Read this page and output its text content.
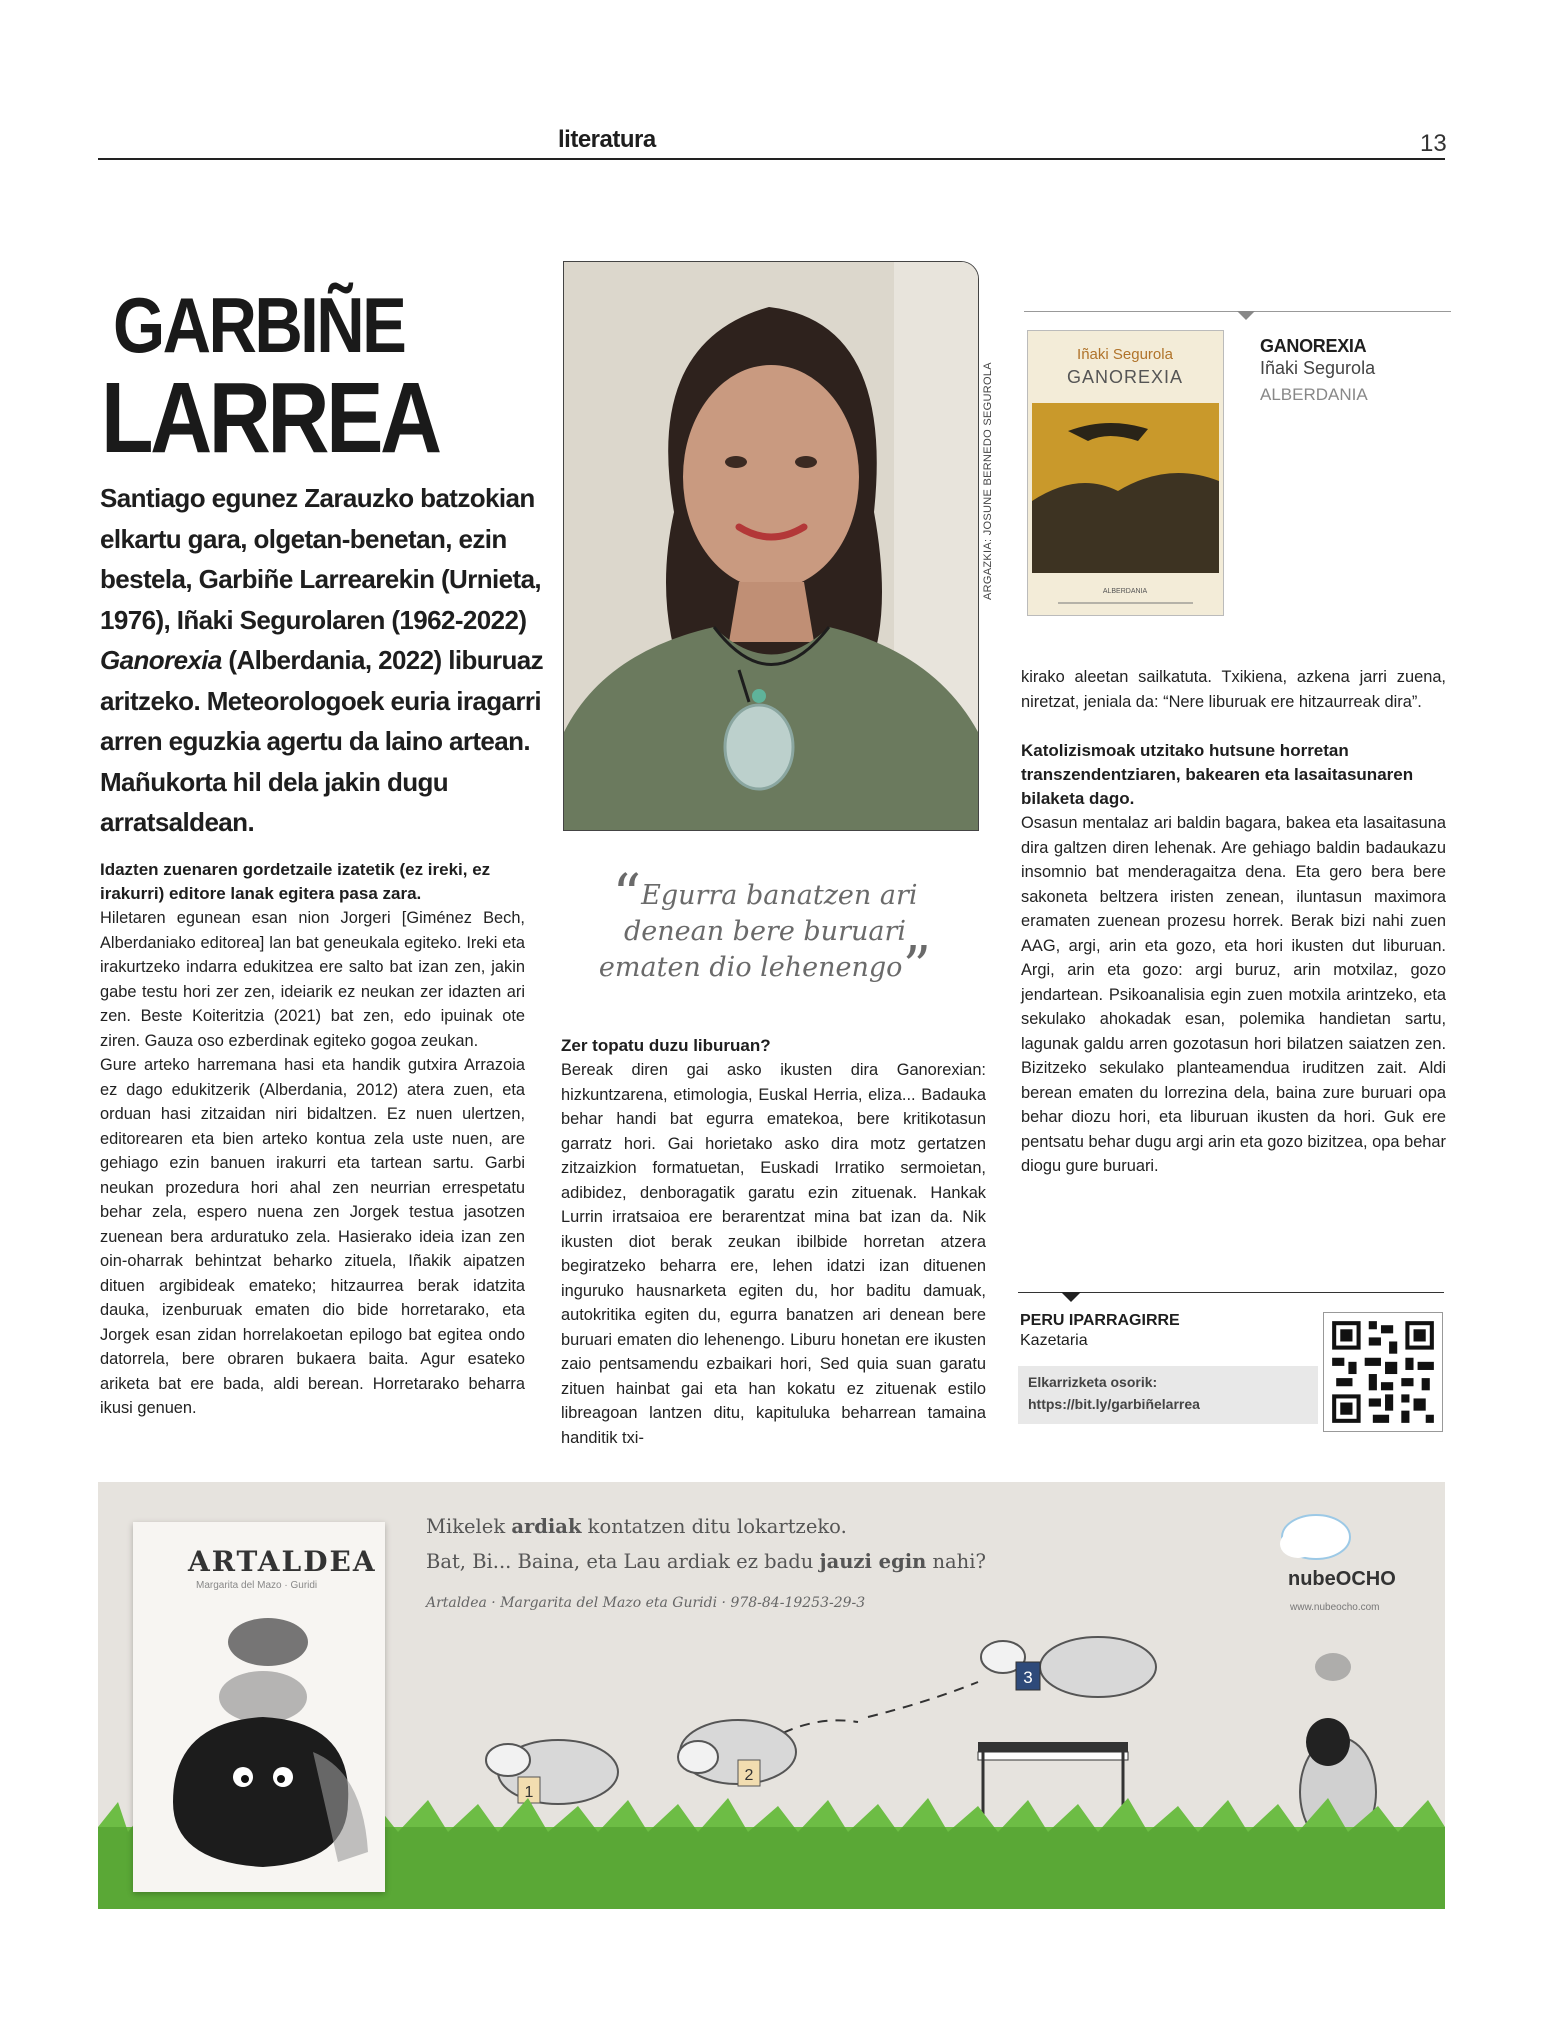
literatura	13
GARBIÑE
LARREA
Santiago egunez Zarauzko batzokian elkartu gara, olgetan-benetan, ezin bestela, Garbiñe Larrearekin (Urnieta, 1976), Iñaki Segurolaren (1962-2022) Ganorexia (Alberdania, 2022) liburuaz aritzeko. Meteorologoek euria iragarri arren eguzkia agertu da laino artean. Mañukorta hil dela jakin dugu arratsaldean.

Idazten zuenaren gordetzaile izatetik (ez ireki, ez irakurri) editore lanak egitera pasa zara.

Hiletaren egunean esan nion Jorgeri [Giménez Bech, Alberdaniako editorea] lan bat geneukala egiteko. Ireki eta irakurtzeko indarra edukitzea ere salto bat izan zen, jakin gabe testu hori zer zen, ideiarik ez neukan zer idazten ari zen. Beste Koiteritzia (2021) bat zen, edo ipuinak ote ziren. Gauza oso ezberdinak egiteko gogoa zeukan.

Gure arteko harremana hasi eta handik gutxira Arrazoia ez dago edukitzerik (Alberdania, 2012) atera zuen, eta orduan hasi zitzaidan niri bidaltzen. Ez nuen ulertzen, editorearen eta bien arteko kontua zela uste nuen, are gehiago ezin banuen irakurri eta tartean sartu. Garbi neukan prozedura hori ahal zen neurrian errespetatu behar zela, espero nuena zen Jorgek testua jasotzen zuenean bera arduratuko zela. Hasierako ideia izan zen oin-oharrak behintzat beharko zituela, Iñakik aipatzen dituen argibideak emateko; hitzaurrea berak idatzita dauka, izenburuak ematen dio bide horretarako, eta Jorgek esan zidan horrelakoetan epilogo bat egitea ondo datorrela, bere obraren bukaera baita. Agur esateko ariketa bat ere bada, aldi berean. Horretarako beharra ikusi genuen.

ARGAZKIA: JOSUNE BERNEDO SEGUROLA
“Egurra banatzen ari denean bere buruari ematen dio lehenengo”

Zer topatu duzu liburuan?

Bereak diren gai asko ikusten dira Ganorexian: hizkuntzarena, etimologia, Euskal Herria, eliza... Badauka behar handi bat egurra ematekoa, bere kritikotasun garratz hori. Gai horietako asko dira motz gertatzen zitzaizkion formatuetan, Euskadi Irratiko sermoietan, adibidez, denboragatik garatu ezin zituenak. Hankak Lurrin irratsaioa ere berarentzat mina bat izan da. Nik ikusten diot berak zeukan ibilbide horretan atzera begiratzeko beharra ere, lehen idatzi izan dituenen inguruko hausnarketa egiten du, hor baditu damuak, autokritika egiten du, egurra banatzen ari denean bere buruari ematen dio lehenengo. Liburu honetan ere ikusten zaio pentsamendu ezbaikari hori, Sed quia suan garatu zituen hainbat gai eta han kokatu ez zituenak estilo libreagoan lantzen ditu, kapituluka beharrean tamaina handitik txi-

Iñaki Segurola
GANOREXIA
ALBERDANIA
GANOREXIA
Iñaki Segurola
ALBERDANIA

kirako aleetan sailkatuta. Txikiena, azkena jarri zuena, niretzat, jeniala da: “Nere liburuak ere hitzaurreak dira”.

Katolizismoak utzitako hutsune horretan transzendentziaren, bakearen eta lasaitasunaren bilaketa dago.

Osasun mentalaz ari baldin bagara, bakea eta lasaitasuna dira galtzen diren lehenak. Are gehiago baldin badaukazu insomnio bat menderagaitza dena. Eta gero bera bere sakoneta beltzera iristen zenean, iluntasun maximora eramaten zuenean prozesu horrek. Berak bizi nahi zuen AAG, argi, arin eta gozo, eta hori ikusten dut liburuan. Argi, arin eta gozo: argi buruz, arin motxilaz, gozo jendartean. Psikoanalisia egin zuen motxila arintzeko, eta sekulako ahokadak esan, polemika handietan sartu, lagunak galdu arren gozotasun hori bilatzen saiatzen zen. Bizitzeko sekulako planteamendua iruditzen zait. Aldi berean ematen du lorrezina dela, baina zure buruari opa behar diozu hori, eta liburuan ikusten da hori. Guk ere pentsatu behar dugu argi arin eta gozo bizitzea, opa behar diogu gure buruari.

PERU IPARRAGIRRE
Kazetaria
Elkarrizketa osorik:
https://bit.ly/garbiñelarrea
1
2
3
ARTALDEA
Margarita del Mazo · Guridi
Mikelek ardiak kontatzen ditu lokartzeko.
Bat, Bi... Baina, eta Lau ardiak ez badu jauzi egin nahi?
Artaldea · Margarita del Mazo eta Guridi · 978-84-19253-29-3
nubeOCHO
www.nubeocho.com
